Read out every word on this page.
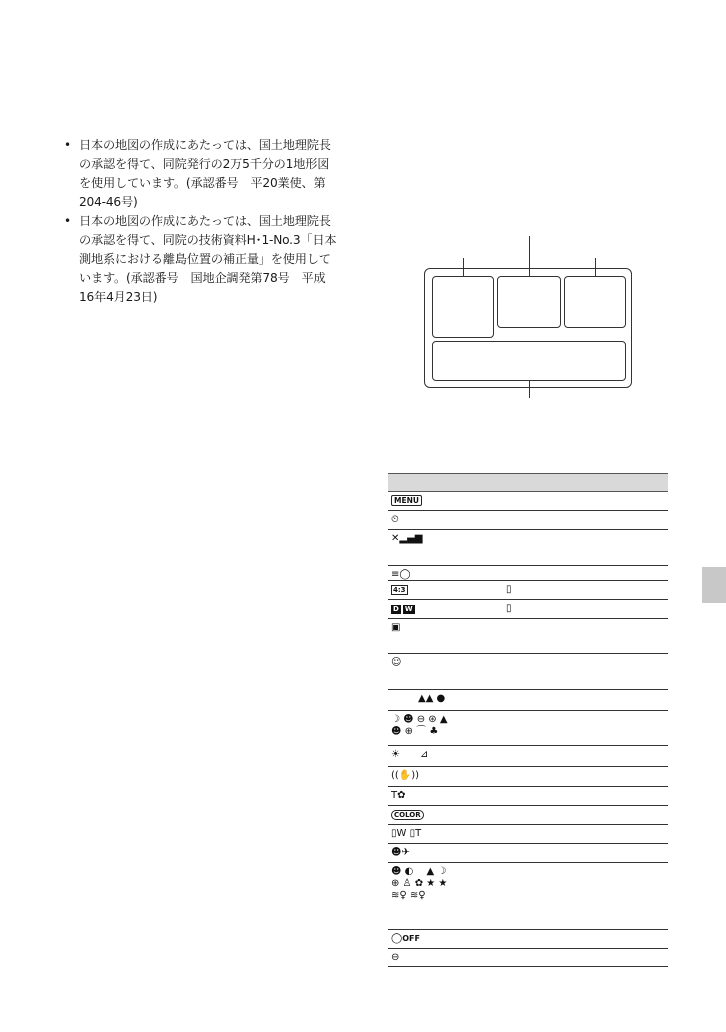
• 日本の地図の作成にあたっては、国土地理院長
の承認を得て、同院発行の2万5千分の1地形図
を使用しています。(承認番号　平20業使、第
204-46号)
• 日本の地図の作成にあたっては、国土地理院長
の承認を得て、同院の技術資料H･1-No.3「日本
測地系における離島位置の補正量」を使用して
います。(承認番号　国地企調発第78号　平成
16年4月23日)
MENU
⏲
✕▂▄▆
≡◯
4:3	▯
D W	▯
▣
☺
▲▲ ●
☽ ☻ ⊖ ⊛ ▲
☻ ⊕ ⌒ ♣
☀　　⊿
((✋))
T✿
COLOR
▯W ▯T
☻✈
☻ ◐　 ▲ ☽
⊕ ♙ ✿ ★ ★
≋♀ ≋♀
◯OFF
⊖
